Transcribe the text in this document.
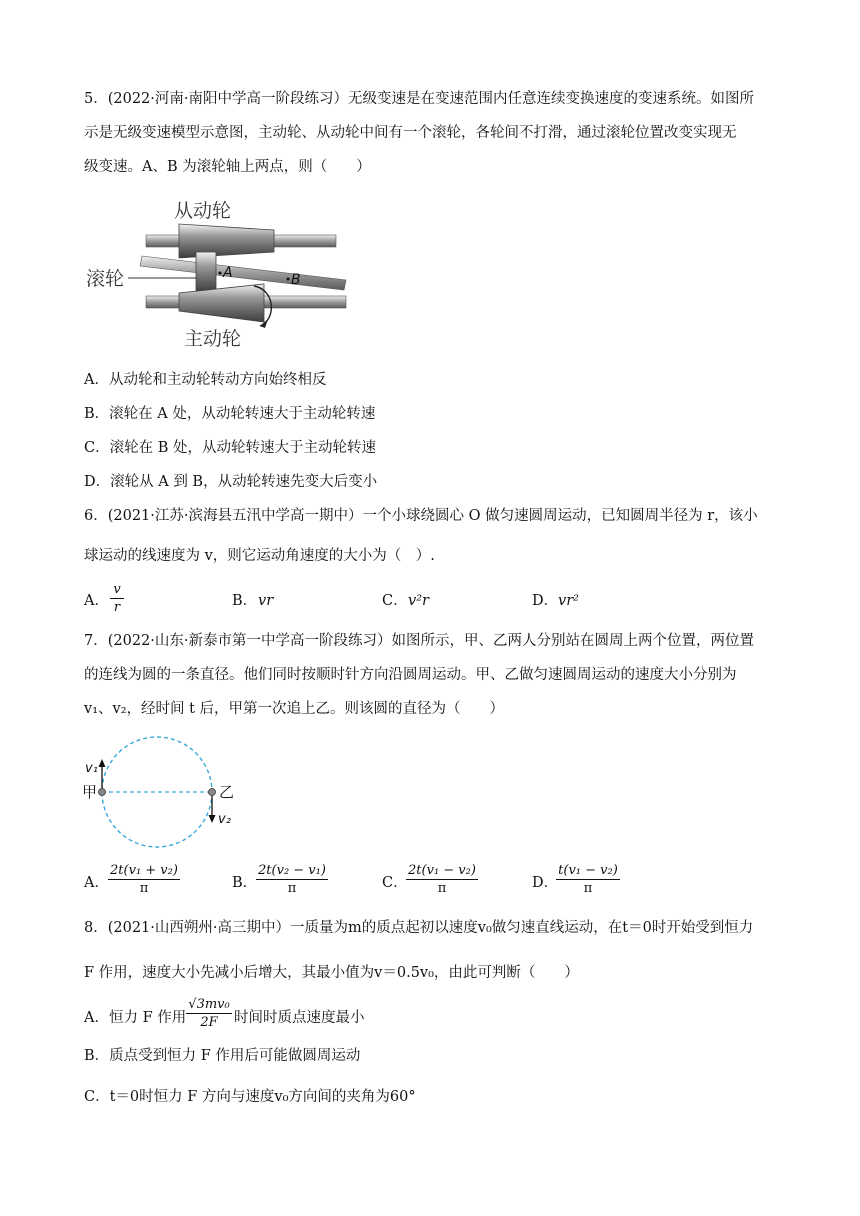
5．(2022·河南·南阳中学高一阶段练习）无级变速是在变速范围内任意连续变换速度的变速系统。如图所
示是无级变速模型示意图，主动轮、从动轮中间有一个滚轮，各轮间不打滑，通过滚轮位置改变实现无
级变速。A、B 为滚轮轴上两点，则（　　）
从动轮
滚轮	A	B
主动轮
A．从动轮和主动轮转动方向始终相反
B．滚轮在 A 处，从动轮转速大于主动轮转速
C．滚轮在 B 处，从动轮转速大于主动轮转速
D．滚轮从 A 到 B，从动轮转速先变大后变小
6．(2021·江苏·滨海县五汛中学高一期中）一个小球绕圆心 O 做匀速圆周运动，已知圆周半径为 r，该小
球运动的线速度为 v，则它运动角速度的大小为（　）.
A． $\frac{v}{r}$	B． vr	C． v²r	D． vr²
7．(2022·山东·新泰市第一中学高一阶段练习）如图所示，甲、乙两人分别站在圆周上两个位置，两位置
的连线为圆的一条直径。他们同时按顺时针方向沿圆周运动。甲、乙做匀速圆周运动的速度大小分别为
v₁、v₂，经时间 t 后，甲第一次追上乙。则该圆的直径为（　　）
v₁
v₂
甲	乙
A． $\frac{\text{2t(v₁ + v₂)}}{\pi}$	B．
$\frac{\text{2t(v₂ − v₁)}}{\pi}$	C．
$\frac{\text{2t(v₁ − v₂)}}{\pi}$	D．
$\frac{\text{t(v₁ − v₂)}}{\pi}$
8．(2021·山西朔州·高三期中）一质量为m的质点起初以速度v₀做匀速直线运动，在t＝0时开始受到恒力
F 作用，速度大小先减小后增大，其最小值为v＝0.5v₀，由此可判断（　　）
A．恒力 F 作用 $\frac{\text{√3mv₀}}{2F}$ 时间时质点速度最小
B．质点受到恒力 F 作用后可能做圆周运动
C．t＝0时恒力 F 方向与速度v₀方向间的夹角为60°
